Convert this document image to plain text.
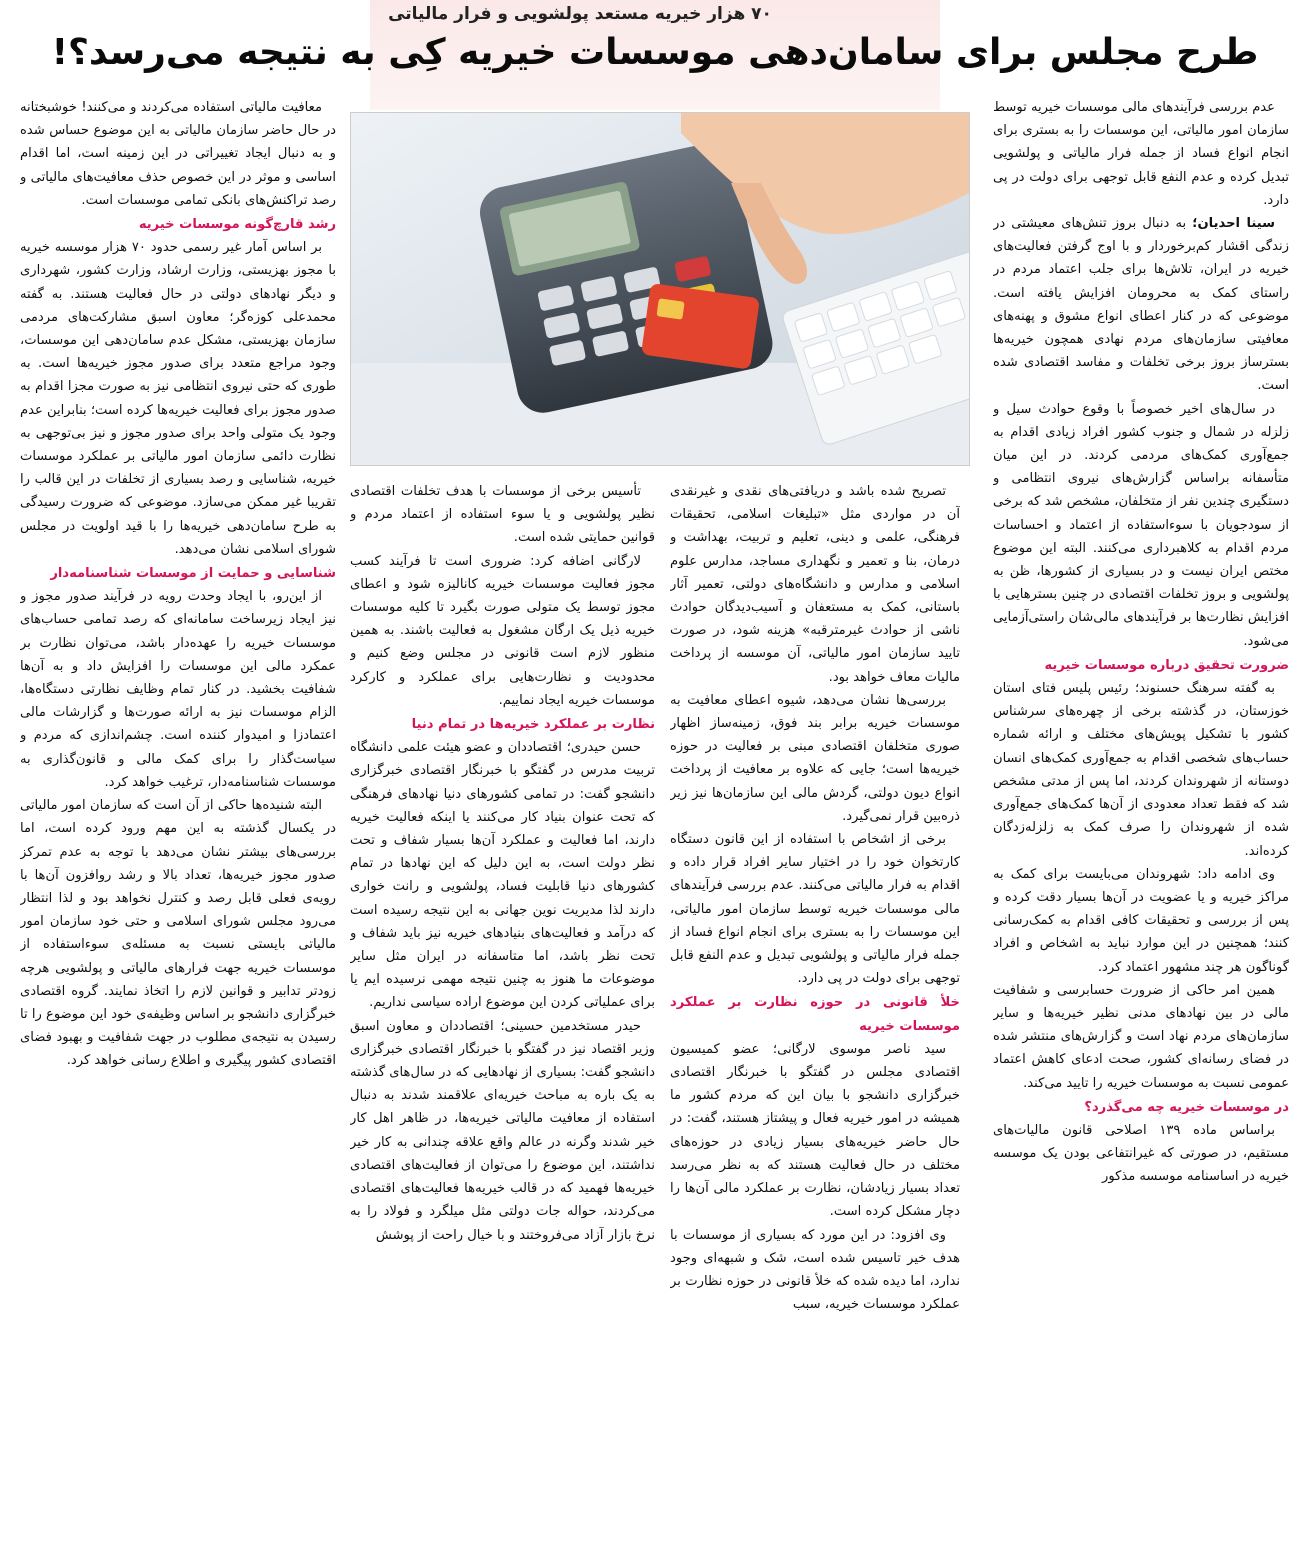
۷۰ هزار خیریه مستعد پولشویی و فرار مالیاتی
طرح مجلس برای سامان‌دهی موسسات خیریه کِی به نتیجه می‌رسد؟!

عدم بررسی فرآیندهای مالی موسسات خیریه توسط سازمان امور مالیاتی، این موسسات را به بستری برای انجام انواع فساد از جمله فرار مالیاتی و پولشویی تبدیل کرده و عدم النفع قابل توجهی برای دولت در پی دارد.

سینا احدیان؛ به دنبال بروز تنش‌های معیشتی در زندگی اقشار کم‌برخوردار و با اوج گرفتن فعالیت‌های خیریه در ایران، تلاش‌ها برای جلب اعتماد مردم در راستای کمک به محرومان افزایش یافته است. موضوعی که در کنار اعطای انواع مشوق و پهنه‌های معافیتی سازمان‌های مردم نهادی همچون خیریه‌ها بستر‌ساز بروز برخی تخلفات و مفاسد اقتصادی شده است.

در سال‌های اخیر خصوصاً با وقوع حوادث سیل و زلزله در شمال و جنوب کشور افراد زیادی اقدام به جمع‌آوری کمک‌های مردمی کردند. در این میان متأسفانه براساس گزارش‌های نیروی انتظامی و دستگیری چندین نفر از متخلفان، مشخص شد که برخی از سودجویان با سوءاستفاده از اعتماد و احساسات مردم اقدام به کلاهبرداری می‌کنند. البته این موضوع مختص ایران نیست و در بسیاری از کشورها، ظن به پولشویی و بروز تخلفات اقتصادی در چنین بسترهایی با افزایش نظارت‌ها بر فرآیندهای مالی‌شان راستی‌آزمایی می‌شود.

ضرورت تحقیق درباره موسسات خیریه

به گفته سرهنگ حسنوند؛ رئیس پلیس فتای استان خوزستان، در گذشته برخی از چهره‌های سرشناس کشور با تشکیل پویش‌های مختلف و ارائه شماره حساب‌های شخصی اقدام به جمع‌آوری کمک‌های انسان دوستانه از شهروندان کردند، اما پس از مدتی مشخص شد که فقط تعداد معدودی از آن‌ها کمک‌های جمع‌آوری شده از شهروندان را صرف کمک به زلزله‌زدگان کرده‌اند.

وی ادامه داد: شهروندان می‌بایست برای کمک به مراکز خیریه و یا عضویت در آن‌ها بسیار دقت کرده و پس از بررسی و تحقیقات کافی اقدام به کمک‌رسانی کنند؛ همچنین در این موارد نباید به اشخاص و افراد گوناگون هر چند مشهور اعتماد کرد.

همین امر حاکی از ضرورت حسابرسی و شفافیت مالی در بین نهادهای مدنی نظیر خیریه‌ها و سایر سازمان‌های مردم نهاد است و گزارش‌های منتشر شده در فضای رسانه‌ای کشور، صحت ادعای کاهش اعتماد عمومی نسبت به موسسات خیریه را تایید می‌کند.

در موسسات خیریه چه می‌گذرد؟

براساس ماده ۱۳۹ اصلاحی قانون مالیات‌های مستقیم، در صورتی که غیرانتفاعی بودن یک موسسه خیریه در اساسنامه موسسه مذکور

تصریح شده باشد و دریافتی‌های نقدی و غیرنقدی آن در مواردی مثل «تبلیغات اسلامی، تحقیقات فرهنگی، علمی و دینی، تعلیم و تربیت، بهداشت و درمان، بنا و تعمیر و نگهداری مساجد، مدارس علوم اسلامی و مدارس و دانشگاه‌های دولتی، تعمیر آثار باستانی، کمک به مستعفان و آسیب‌دیدگان حوادث ناشی از حوادث غیرمترقبه» هزینه شود، در صورت تایید سازمان امور مالیاتی، آن موسسه از پرداخت مالیات معاف خواهد بود.

بررسی‌ها نشان می‌دهد، شیوه اعطای معافیت به موسسات خیریه برابر بند فوق، زمینه‌ساز اظهار صوری متخلفان اقتصادی مبنی بر فعالیت در حوزه خیریه‌ها است؛ جایی که علاوه بر معافیت از پرداخت انواع دیون دولتی، گردش مالی این سازمان‌ها نیز زیر ذره‌بین قرار نمی‌گیرد.

برخی از اشخاص با استفاده از این قانون دستگاه کارتخوان خود را در اختیار سایر افراد قرار داده و اقدام به فرار مالیاتی می‌کنند. عدم بررسی فرآیندهای مالی موسسات خیریه توسط سازمان امور مالیاتی، این موسسات را به بستری برای انجام انواع فساد از جمله فرار مالیاتی و پولشویی تبدیل و عدم النفع قابل توجهی برای دولت در پی دارد.

خلأ قانونی در حوزه نظارت بر عملکرد موسسات خیریه

سید ناصر موسوی لارگانی؛ عضو کمیسیون اقتصادی مجلس در گفتگو با خبرنگار اقتصادی خبرگزاری دانشجو با بیان این که مردم کشور ما همیشه در امور خیریه فعال و پیشتاز هستند، گفت: در حال حاضر خیریه‌های بسیار زیادی در حوزه‌های مختلف در حال فعالیت هستند که به نظر می‌رسد تعداد بسیار زیادشان، نظارت بر عملکرد مالی آن‌ها را دچار مشکل کرده است.

وی افزود: در این مورد که بسیاری از موسسات با هدف خیر تاسیس شده است، شک و شبهه‌ای وجود ندارد، اما دیده شده که خلأ قانونی در حوزه نظارت بر عملکرد موسسات خیریه، سبب

تأسیس برخی از موسسات با هدف تخلفات اقتصادی نظیر پولشویی و یا سوء استفاده از اعتماد مردم و قوانین حمایتی شده است.

لارگانی اضافه کرد: ضروری است تا فرآیند کسب مجوز فعالیت موسسات خیریه کانالیزه شود و اعطای مجوز توسط یک متولی صورت بگیرد تا کلیه موسسات خیریه ذیل یک ارگان مشغول به فعالیت باشند. به همین منظور لازم است قانونی در مجلس وضع کنیم و محدودیت و نظارت‌هایی برای عملکرد و کارکرد موسسات خیریه ایجاد نماییم.

نظارت بر عملکرد خیریه‌ها در تمام دنیا

حسن حیدری؛ اقتصاددان و عضو هیئت علمی دانشگاه تربیت مدرس در گفتگو با خبرنگار اقتصادی خبرگزاری دانشجو گفت: در تمامی کشورهای دنیا نهادهای فرهنگی که تحت عنوان بنیاد کار می‌کنند یا اینکه فعالیت خیریه دارند، اما فعالیت و عملکرد آن‌ها بسیار شفاف و تحت نظر دولت است، به این دلیل که این نهادها در تمام کشورهای دنیا قابلیت فساد، پولشویی و رانت خواری دارند لذا مدیریت نوین جهانی به این نتیجه رسیده است که درآمد و فعالیت‌های بنیادهای خیریه نیز باید شفاف و تحت نظر باشد، اما متاسفانه در ایران مثل سایر موضوعات ما هنوز به چنین نتیجه مهمی نرسیده ایم یا برای عملیاتی کردن این موضوع اراده سیاسی نداریم.

حیدر مستخدمین حسینی؛ اقتصاددان و معاون اسبق وزیر اقتصاد نیز در گفتگو با خبرنگار اقتصادی خبرگزاری دانشجو گفت: بسیاری از نهادهایی که در سال‌های گذشته به یک باره به مباحث خیریه‌ای علاقمند شدند به دنبال استفاده از معافیت مالیاتی خیریه‌ها، در ظاهر اهل کار خیر شدند وگرنه در عالم واقع علاقه چندانی به کار خیر نداشتند، این موضوع را می‌توان از فعالیت‌های اقتصادی خیریه‌ها فهمید که در قالب خیریه‌ها فعالیت‌های اقتصادی می‌کردند، حواله جات دولتی مثل میلگرد و فولاد را به نرخ بازار آزاد می‌فروختند و با خیال راحت از پوشش

معافیت مالیاتی استفاده می‌کردند و می‌کنند! خوشبختانه در حال حاضر سازمان مالیاتی به این موضوع حساس شده و به دنبال ایجاد تغییراتی در این زمینه است، اما اقدام اساسی و موثر در این خصوص حذف معافیت‌های مالیاتی و رصد تراکنش‌های بانکی تمامی موسسات است.

رشد قارچ‌گونه موسسات خیریه

بر اساس آمار غیر رسمی حدود ۷۰ هزار موسسه خیریه با مجوز بهزیستی، وزارت ارشاد، وزارت کشور، شهرداری و دیگر نهادهای دولتی در حال فعالیت هستند. به گفته محمدعلی کوزه‌گر؛ معاون اسبق مشارکت‌های مردمی سازمان بهزیستی، مشکل عدم سامان‌دهی این موسسات، وجود مراجع متعدد برای صدور مجوز خیریه‌ها است. به طوری که حتی نیروی انتظامی نیز به صورت مجزا اقدام به صدور مجوز برای فعالیت خیریه‌ها کرده است؛ بنابراین عدم وجود یک متولی واحد برای صدور مجوز و نیز بی‌توجهی به نظارت دائمی سازمان امور مالیاتی بر عملکرد موسسات خیریه، شناسایی و رصد بسیاری از تخلفات در این قالب را تقریبا غیر ممکن می‌سازد. موضوعی که ضرورت رسیدگی به طرح سامان‌دهی خیریه‌ها را با قید اولویت در مجلس شورای اسلامی نشان می‌دهد.

شناسایی و حمایت از موسسات شناسنامه‌دار

از این‌رو، با ایجاد وحدت رویه در فرآیند صدور مجوز و نیز ایجاد زیرساخت سامانه‌ای که رصد تمامی حساب‌های موسسات خیریه را عهده‌دار باشد، می‌توان نظارت بر عمکرد مالی این موسسات را افزایش داد و به آن‌ها شفافیت بخشید. در کنار تمام وظایف نظارتی دستگاه‌ها، الزام موسسات نیز به ارائه صورت‌ها و گزارشات مالی اعتمادزا و امیدوار کننده است. چشم‌اندازی که مردم و سیاست‌گذار را برای کمک مالی و قانون‌گذاری به موسسات شناسنامه‌دار، ترغیب خواهد کرد.

البته شنیده‌ها حاکی از آن است که سازمان امور مالیاتی در یکسال گذشته به این مهم ورود کرده است، اما بررسی‌های بیشتر نشان می‌دهد با توجه به عدم تمرکز صدور مجوز خیریه‌ها، تعداد بالا و رشد روافزون آن‌ها با رویه‌ی فعلی قابل رصد و کنترل نخواهد بود و لذا انتظار می‌رود مجلس شورای اسلامی و حتی خود سازمان امور مالیاتی بایستی نسبت به مسئله‌ی سوءاستفاده از موسسات خیریه جهت فرارهای مالیاتی و پولشویی هرچه زودتر تدابیر و قوانین لازم را اتخاذ نمایند. گروه اقتصادی خبرگزاری دانشجو بر اساس وظیفه‌ی خود این موضوع را تا رسیدن به نتیجه‌ی مطلوب در جهت شفافیت و بهبود فضای اقتصادی کشور پیگیری و اطلاع رسانی خواهد کرد.
